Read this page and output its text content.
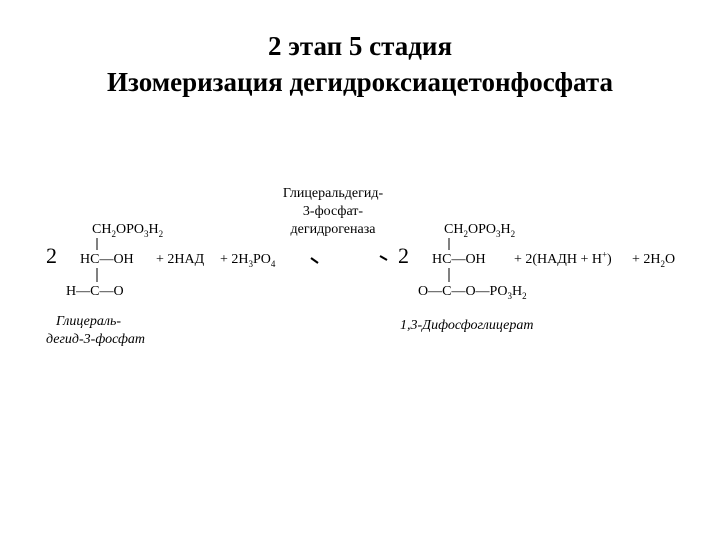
2 этап 5 стадия
Изомеризация дегидроксиацетонфосфата
Глицеральдегид-
3-фосфат-
дегидрогеназа
2
$CH_2OPO_3H_2$
HC—OH
H—C—O
+ $2НАД + 2H_3PO_4$
Глицераль-
дегид-3-фосфат
2
$CH_2OPO_3H_2$
HC—OH
$O—C—O—PO_3H_2$
+ 2(НАДН + $H^+) + 2H_2O$
1,3-Дифосфоглицерат
